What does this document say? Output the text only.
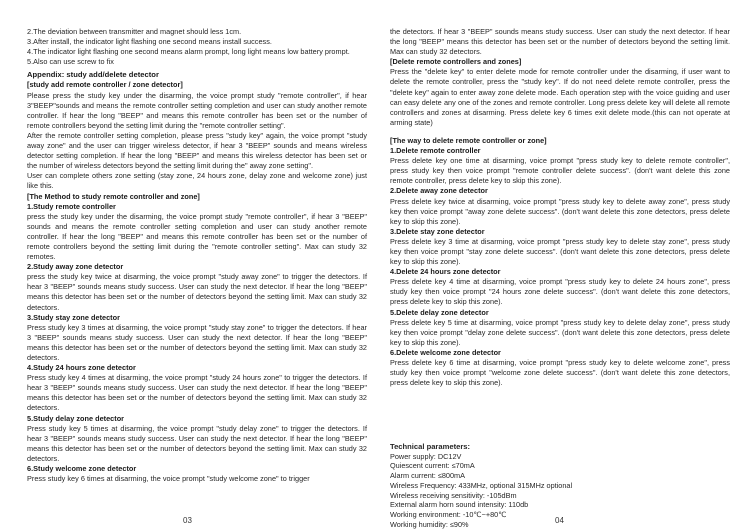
2.The deviation between transmitter and magnet should less 1cm.

3.After install, the indicator light flashing one second means install success.

4.The indicator light flashing one second means alarm prompt, long light means low battery prompt.

5.Also can use screw to fix

Appendix: study add/delete detector

[study add remote controller / zone detector]

Please press the study key under the disarming, the voice prompt study "remote controller", if hear 3"BEEP"sounds and means the remote controller setting completion and user can study another remote controller. If hear the long "BEEP" and means this remote controller has been set or the number of remote controllers beyond the setting limit during the "remote controller setting".

After the remote controller setting completion, please press "study key" again, the voice prompt "study away zone" and the user can trigger wireless detector, if hear 3 "BEEP" sounds and means wireless detector setting completion. If hear the long "BEEP" and means this wireless detector has been set or the number of wireless detectors beyond the setting limit during the" away zone setting".

User can complete others zone setting (stay zone, 24 hours zone, delay zone and welcome zone) just like this.

[The Method to study remote controller and zone]

1.Study remote controller

press the study key under the disarming, the voice prompt study "remote controller", if hear 3 "BEEP" sounds and means the remote controller setting completion and user can study another remote controller. If hear the long "BEEP" and means this remote controller has been set or the number of remote controllers beyond the setting limit during the "remote controller setting". Max can study 32 remotes.

2.Study away zone detector

press the study key twice at disarming, the voice prompt "study away zone" to trigger the detectors. If hear 3 "BEEP" sounds means study success. User can study the next detector. If hear the long "BEEP" means this detector has been set or the number of detectors beyond the setting limit. Max can study 32 detectors.

3.Study stay zone detector

Press study key 3 times at disarming, the voice prompt "study stay zone" to trigger the detectors. If hear 3 "BEEP" sounds means study success. User can study the next detector. If hear the long "BEEP" means this detector has been set or the number of detectors beyond the setting limit. Max can study 32 detectors.

4.Study 24 hours zone detector

Press study key 4 times at disarming, the voice prompt "study 24 hours zone" to trigger the detectors. If hear 3 "BEEP" sounds means study success. User can study the next detector. If hear the long "BEEP" means this detector has been set or the number of detectors beyond the setting limit. Max can study 32 detectors.

5.Study delay zone detector

Press study key 5 times at disarming, the voice prompt "study delay zone" to trigger the detectors. If hear 3 "BEEP" sounds means study success. User can study the next detector. If hear the long "BEEP" means this detector has been set or the number of detectors beyond the setting limit. Max can study 32 detectors.

6.Study welcome zone detector

Press study key 6 times at disarming, the voice prompt "study welcome zone" to trigger

the detectors. If hear 3 "BEEP" sounds means study success. User can study the next detector. If hear the long "BEEP" means this detector has been set or the number of detectors beyond the setting limit. Max can study 32 detectors.

[Delete remote controllers and zones]

Press the "delete key" to enter delete mode for remote controller under the disarming, if user want to delete the remote controller, press the "study key". If do not need delete remote controller, press the "delete key" again to enter away zone delete mode. Each operation step with the voice guiding and user can easy delete any one of the zones and remote controller. Long press delete key will delete all remote controllers and zones at disarming. Press delete key 6 times exit delete mode.(this can not operate at arming state)

[The way to delete remote controller or zone]

1.Delete remote controller

Press delete key one time at disarming, voice prompt "press study key to delete remote controller", press study key then voice prompt "remote controller delete success". (don't want delete this zone remote controller, press delete key to skip this zone).

2.Delete away zone detector

Press delete key twice at disarming, voice prompt "press study key to delete away zone", press study key then voice prompt "away zone delete success". (don't want delete this zone detectors, press delete key to skip this zone).

3.Delete stay zone detector

Press delete key 3 time at disarming, voice prompt "press study key to delete stay zone", press study key then voice prompt "stay zone delete success". (don't want delete this zone detectors, press delete key to skip this zone).

4.Delete 24 hours zone detector

Press delete key 4 time at disarming, voice prompt "press study key to delete 24 hours zone", press study key then voice prompt "24 hours zone delete success". (don't want delete this zone detectors, press delete key to skip this zone).

5.Delete delay zone detector

Press delete key 5 time at disarming, voice prompt "press study key to delete delay zone", press study key then voice prompt "delay zone delete success". (don't want delete this zone detectors, press delete key to skip this zone).

6.Delete welcome zone detector

Press delete key 6 time at disarming, voice prompt "press study key to delete welcome zone", press study key then voice prompt "welcome zone delete success". (don't want delete this zone detectors, press delete key to skip this zone).

Technical parameters:

Power supply: DC12V

Quiescent current: ≤70mA

Alarm current: ≤800mA

Wireless Frequency: 433MHz, optional 315MHz optional

Wireless receiving sensitivity: -105dBm

External alarm horn sound intensity: 110db

Working environment: -10℃~+80℃

Working humidity: ≤90%

03	04
